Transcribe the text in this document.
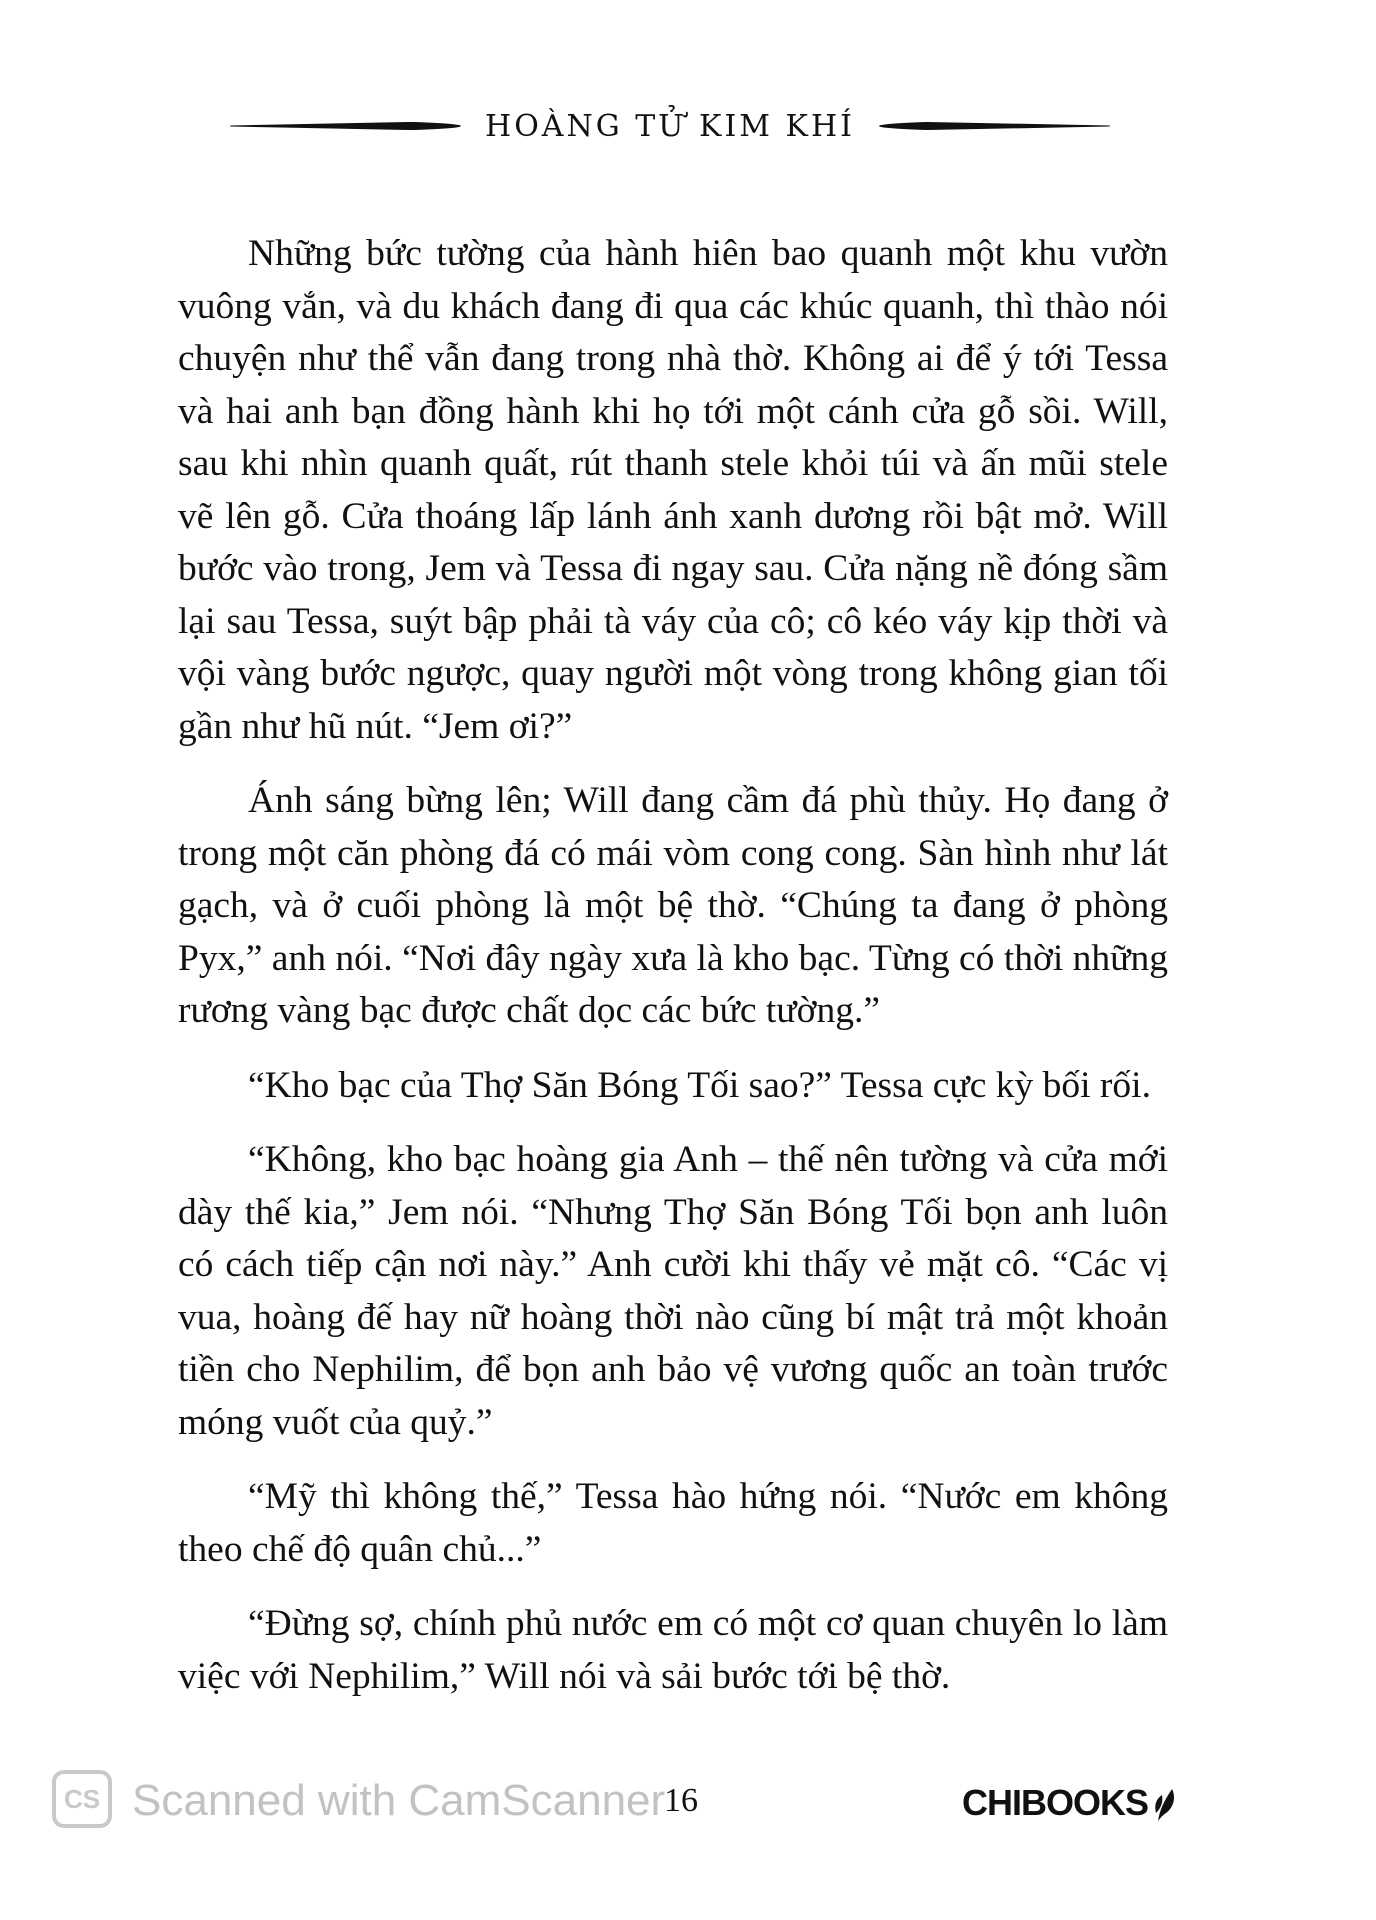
HOÀNG TỬ KIM KHÍ

Những bức tường của hành hiên bao quanh một khu vườn vuông vắn, và du khách đang đi qua các khúc quanh, thì thào nói chuyện như thể vẫn đang trong nhà thờ. Không ai để ý tới Tessa và hai anh bạn đồng hành khi họ tới một cánh cửa gỗ sồi. Will, sau khi nhìn quanh quất, rút thanh stele khỏi túi và ấn mũi stele vẽ lên gỗ. Cửa thoáng lấp lánh ánh xanh dương rồi bật mở. Will bước vào trong, Jem và Tessa đi ngay sau. Cửa nặng nề đóng sầm lại sau Tessa, suýt bập phải tà váy của cô; cô kéo váy kịp thời và vội vàng bước ngược, quay người một vòng trong không gian tối gần như hũ nút. “Jem ơi?”

Ánh sáng bừng lên; Will đang cầm đá phù thủy. Họ đang ở trong một căn phòng đá có mái vòm cong cong. Sàn hình như lát gạch, và ở cuối phòng là một bệ thờ. “Chúng ta đang ở phòng Pyx,” anh nói. “Nơi đây ngày xưa là kho bạc. Từng có thời những rương vàng bạc được chất dọc các bức tường.”

“Kho bạc của Thợ Săn Bóng Tối sao?” Tessa cực kỳ bối rối.

“Không, kho bạc hoàng gia Anh – thế nên tường và cửa mới dày thế kia,” Jem nói. “Nhưng Thợ Săn Bóng Tối bọn anh luôn có cách tiếp cận nơi này.” Anh cười khi thấy vẻ mặt cô. “Các vị vua, hoàng đế hay nữ hoàng thời nào cũng bí mật trả một khoản tiền cho Nephilim, để bọn anh bảo vệ vương quốc an toàn trước móng vuốt của quỷ.”

“Mỹ thì không thế,” Tessa hào hứng nói. “Nước em không theo chế độ quân chủ...”

“Đừng sợ, chính phủ nước em có một cơ quan chuyên lo làm việc với Nephilim,” Will nói và sải bước tới bệ thờ.

CS Scanned with CamScanner
16	CHIBOOKS
